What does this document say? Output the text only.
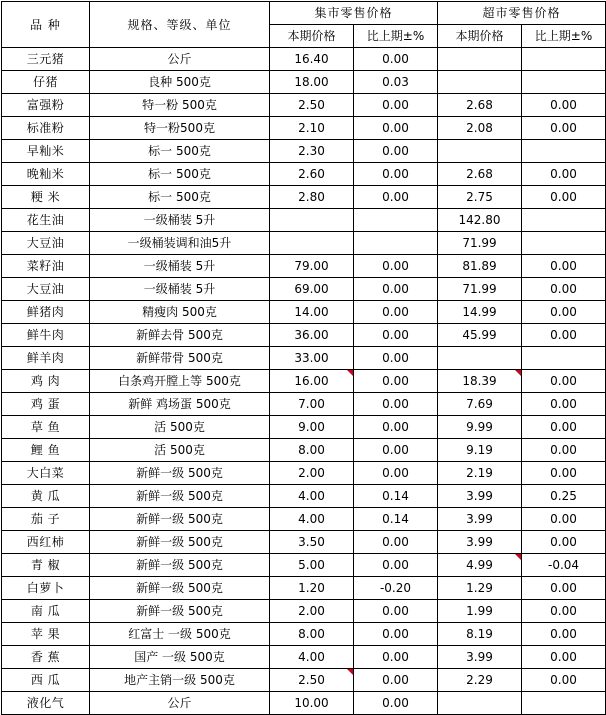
品 种	规格、等级、单位	集市零售价格		超市零售价格	
		本期价格	比上期±%	本期价格	比上期±%
三元猪	公斤	16.40	0.00		
仔猪	良种 500克	18.00	0.03		
富强粉	特一粉 500克	2.50	0.00	2.68	0.00
标准粉	特一粉500克	2.10	0.00	2.08	0.00
早籼米	标一 500克	2.30	0.00		
晚籼米	标一 500克	2.60	0.00	2.68	0.00
粳 米	标一 500克	2.80	0.00	2.75	0.00
花生油	一级桶装 5升			142.80	
大豆油	一级桶装调和油5升			71.99	
菜籽油	一级桶装 5升	79.00	0.00	81.89	0.00
大豆油	一级桶装 5升	69.00	0.00	71.99	0.00
鲜猪肉	精瘦肉 500克	14.00	0.00	14.99	0.00
鲜牛肉	新鲜去骨 500克	36.00	0.00	45.99	0.00
鲜羊肉	新鲜带骨 500克	33.00	0.00		
鸡 肉	白条鸡开膛上等 500克	16.00	0.00	18.39	0.00
鸡 蛋	新鲜 鸡场蛋 500克	7.00	0.00	7.69	0.00
草 鱼	活 500克	9.00	0.00	9.99	0.00
鲤 鱼	活 500克	8.00	0.00	9.19	0.00
大白菜	新鲜一级 500克	2.00	0.00	2.19	0.00
黄 瓜	新鲜一级 500克	4.00	0.14	3.99	0.25
茄 子	新鲜一级 500克	4.00	0.14	3.99	0.00
西红柿	新鲜一级 500克	3.50	0.00	3.99	0.00
青 椒	新鲜一级 500克	5.00	0.00	4.99	-0.04
白萝卜	新鲜一级 500克	1.20	-0.20	1.29	0.00
南 瓜	新鲜一级 500克	2.00	0.00	1.99	0.00
苹 果	红富士 一级 500克	8.00	0.00	8.19	0.00
香 蕉	国产 一级 500克	4.00	0.00	3.99	0.00
西 瓜	地产主销一级 500克	2.50	0.00	2.29	0.00
液化气	公斤	10.00	0.00		
